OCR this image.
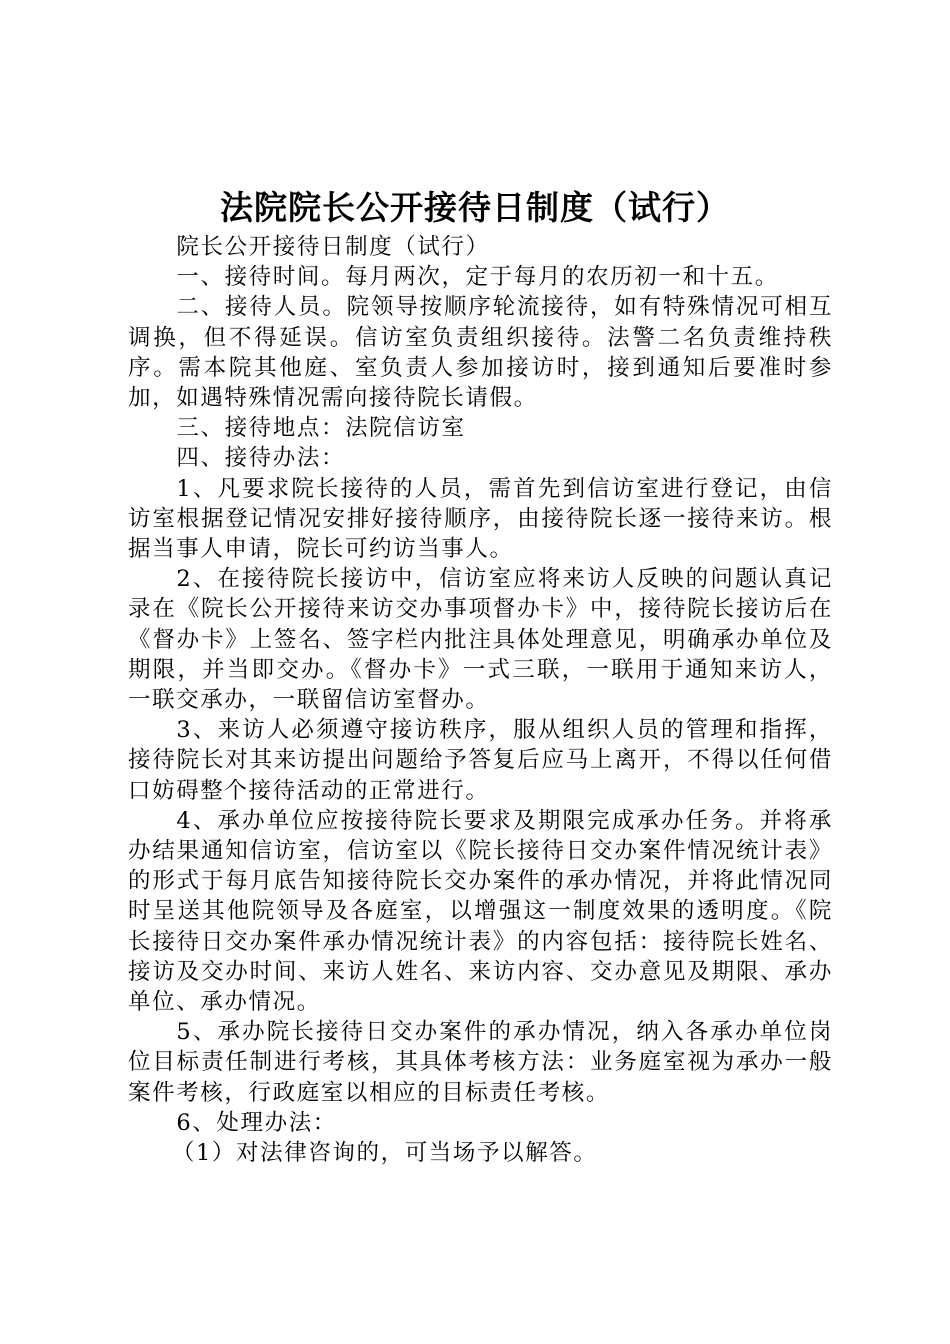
法院院长公开接待日制度（试行）

院长公开接待日制度（试行）

一、接待时间。每月两次，定于每月的农历初一和十五。

二、接待人员。院领导按顺序轮流接待，如有特殊情况可相互调换，但不得延误。信访室负责组织接待。法警二名负责维持秩序。需本院其他庭、室负责人参加接访时，接到通知后要准时参加，如遇特殊情况需向接待院长请假。

三、接待地点：法院信访室

四、接待办法：

1、凡要求院长接待的人员，需首先到信访室进行登记，由信访室根据登记情况安排好接待顺序，由接待院长逐一接待来访。根据当事人申请，院长可约访当事人。

2、在接待院长接访中，信访室应将来访人反映的问题认真记录在《院长公开接待来访交办事项督办卡》中，接待院长接访后在《督办卡》上签名、签字栏内批注具体处理意见，明确承办单位及期限，并当即交办。《督办卡》一式三联，一联用于通知来访人，一联交承办，一联留信访室督办。

3、来访人必须遵守接访秩序，服从组织人员的管理和指挥，接待院长对其来访提出问题给予答复后应马上离开，不得以任何借口妨碍整个接待活动的正常进行。

4、承办单位应按接待院长要求及期限完成承办任务。并将承办结果通知信访室，信访室以《院长接待日交办案件情况统计表》的形式于每月底告知接待院长交办案件的承办情况，并将此情况同时呈送其他院领导及各庭室，以增强这一制度效果的透明度。《院长接待日交办案件承办情况统计表》的内容包括：接待院长姓名、接访及交办时间、来访人姓名、来访内容、交办意见及期限、承办单位、承办情况。

5、承办院长接待日交办案件的承办情况，纳入各承办单位岗位目标责任制进行考核，其具体考核方法：业务庭室视为承办一般案件考核，行政庭室以相应的目标责任考核。

6、处理办法：

（1）对法律咨询的，可当场予以解答。
